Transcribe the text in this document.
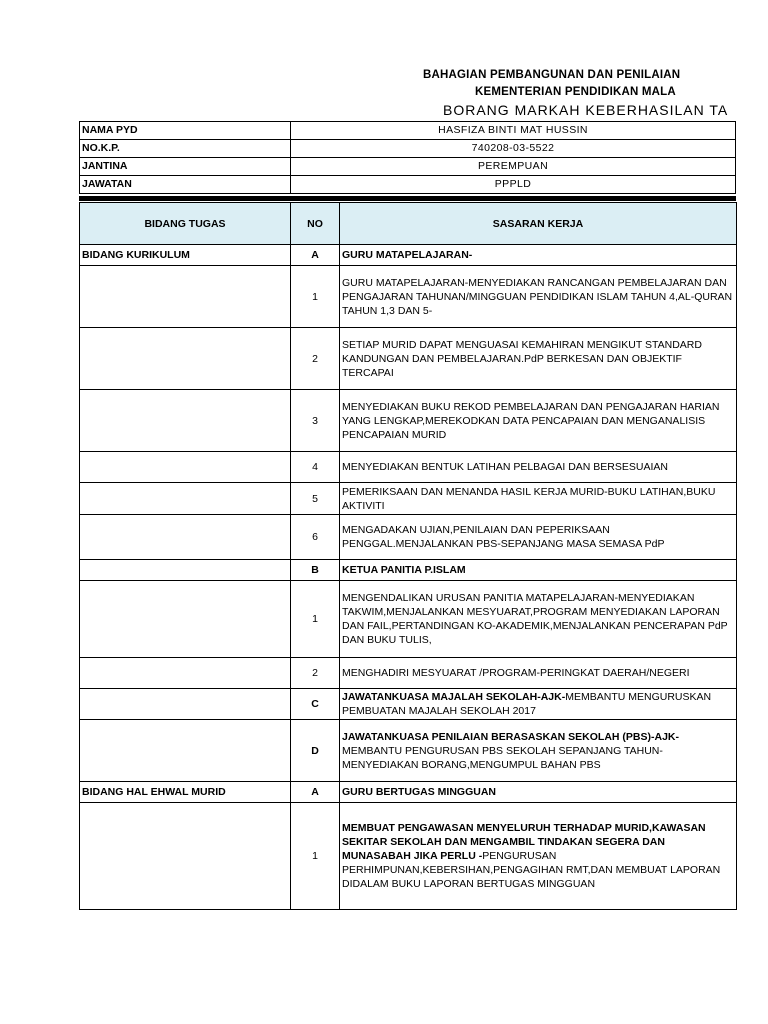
BAHAGIAN PEMBANGUNAN DAN PENILAIAN
KEMENTERIAN PENDIDIKAN MALA
BORANG MARKAH KEBERHASILAN TA
NAMA PYD	HASFIZA BINTI MAT HUSSIN
NO.K.P.	740208-03-5522
JANTINA	PEREMPUAN
JAWATAN	PPPLD
BIDANG TUGAS	NO	SASARAN KERJA
BIDANG KURIKULUM	A	GURU MATAPELAJARAN-
	1	GURU MATAPELAJARAN-MENYEDIAKAN RANCANGAN PEMBELAJARAN DAN PENGAJARAN TAHUNAN/MINGGUAN PENDIDIKAN ISLAM TAHUN 4,AL-QURAN TAHUN 1,3 DAN 5-
	2	SETIAP MURID DAPAT MENGUASAI KEMAHIRAN MENGIKUT STANDARD KANDUNGAN DAN PEMBELAJARAN.PdP BERKESAN DAN OBJEKTIF TERCAPAI
	3	MENYEDIAKAN BUKU REKOD PEMBELAJARAN DAN PENGAJARAN HARIAN YANG LENGKAP,MEREKODKAN DATA PENCAPAIAN DAN MENGANALISIS PENCAPAIAN MURID
	4	MENYEDIAKAN BENTUK LATIHAN PELBAGAI DAN BERSESUAIAN
	5	PEMERIKSAAN DAN MENANDA HASIL KERJA MURID-BUKU LATIHAN,BUKU AKTIVITI
	6	MENGADAKAN UJIAN,PENILAIAN DAN PEPERIKSAAN PENGGAL.MENJALANKAN PBS-SEPANJANG MASA SEMASA PdP
	B	KETUA PANITIA P.ISLAM
	1	MENGENDALIKAN URUSAN PANITIA MATAPELAJARAN-MENYEDIAKAN TAKWIM,MENJALANKAN MESYUARAT,PROGRAM MENYEDIAKAN LAPORAN DAN FAIL,PERTANDINGAN KO-AKADEMIK,MENJALANKAN PENCERAPAN PdP DAN BUKU TULIS,
	2	MENGHADIRI MESYUARAT /PROGRAM-PERINGKAT DAERAH/NEGERI
	C	JAWATANKUASA MAJALAH SEKOLAH-AJK-MEMBANTU MENGURUSKAN PEMBUATAN MAJALAH SEKOLAH 2017
	D	JAWATANKUASA PENILAIAN BERASASKAN SEKOLAH (PBS)-AJK-MEMBANTU PENGURUSAN PBS SEKOLAH SEPANJANG TAHUN-MENYEDIAKAN BORANG,MENGUMPUL BAHAN PBS
BIDANG HAL EHWAL MURID	A	GURU BERTUGAS MINGGUAN
	1	MEMBUAT PENGAWASAN MENYELURUH TERHADAP MURID,KAWASAN SEKITAR SEKOLAH DAN MENGAMBIL TINDAKAN SEGERA DAN MUNASABAH JIKA PERLU -PENGURUSAN PERHIMPUNAN,KEBERSIHAN,PENGAGIHAN RMT,DAN MEMBUAT LAPORAN DIDALAM BUKU LAPORAN BERTUGAS MINGGUAN
